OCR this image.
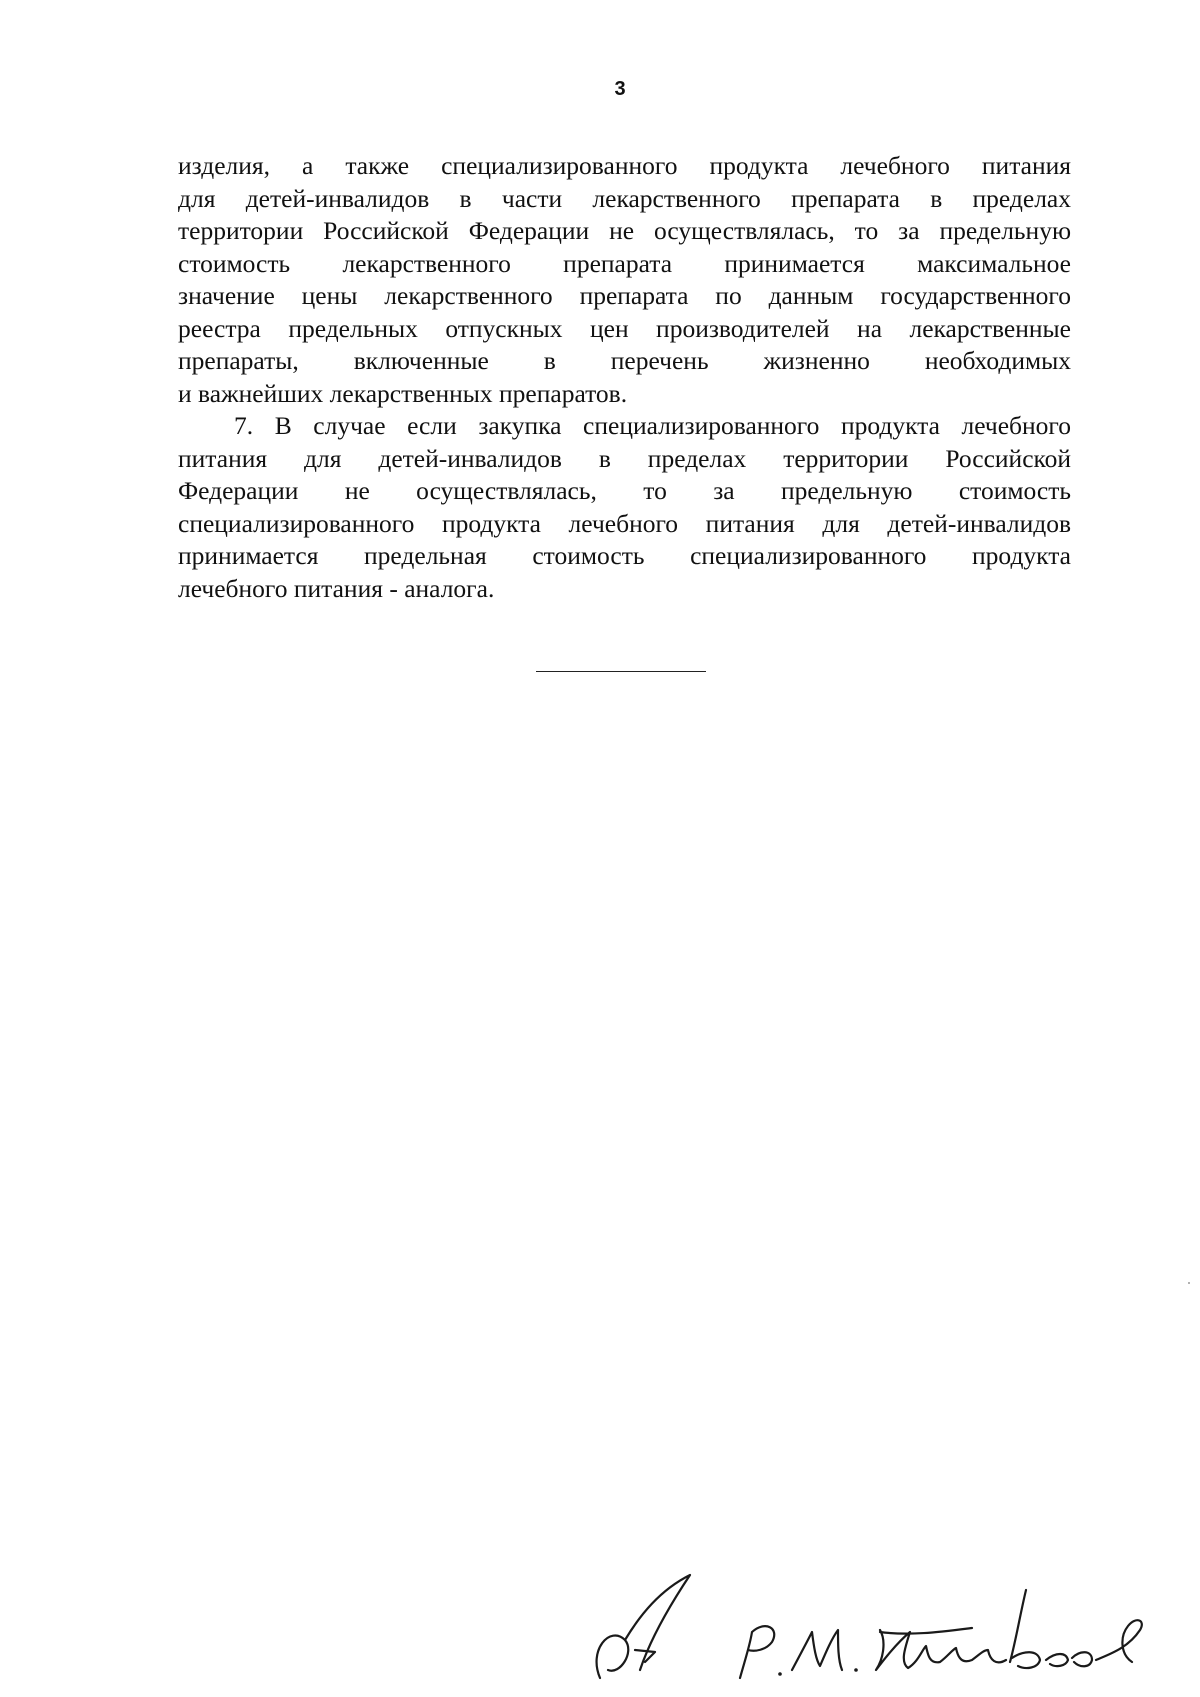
3
изделия, а также специализированного продукта лечебного питания
для детей-инвалидов в части лекарственного препарата в пределах
территории Российской Федерации не осуществлялась, то за предельную
стоимость лекарственного препарата принимается максимальное
значение цены лекарственного препарата по данным государственного
реестра предельных отпускных цен производителей на лекарственные
препараты, включенные в перечень жизненно необходимых
и важнейших лекарственных препаратов.
7. В случае если закупка специализированного продукта лечебного
питания для детей-инвалидов в пределах территории Российской
Федерации не осуществлялась, то за предельную стоимость
специализированного продукта лечебного питания для детей-инвалидов
принимается предельная стоимость специализированного продукта
лечебного питания - аналога.
